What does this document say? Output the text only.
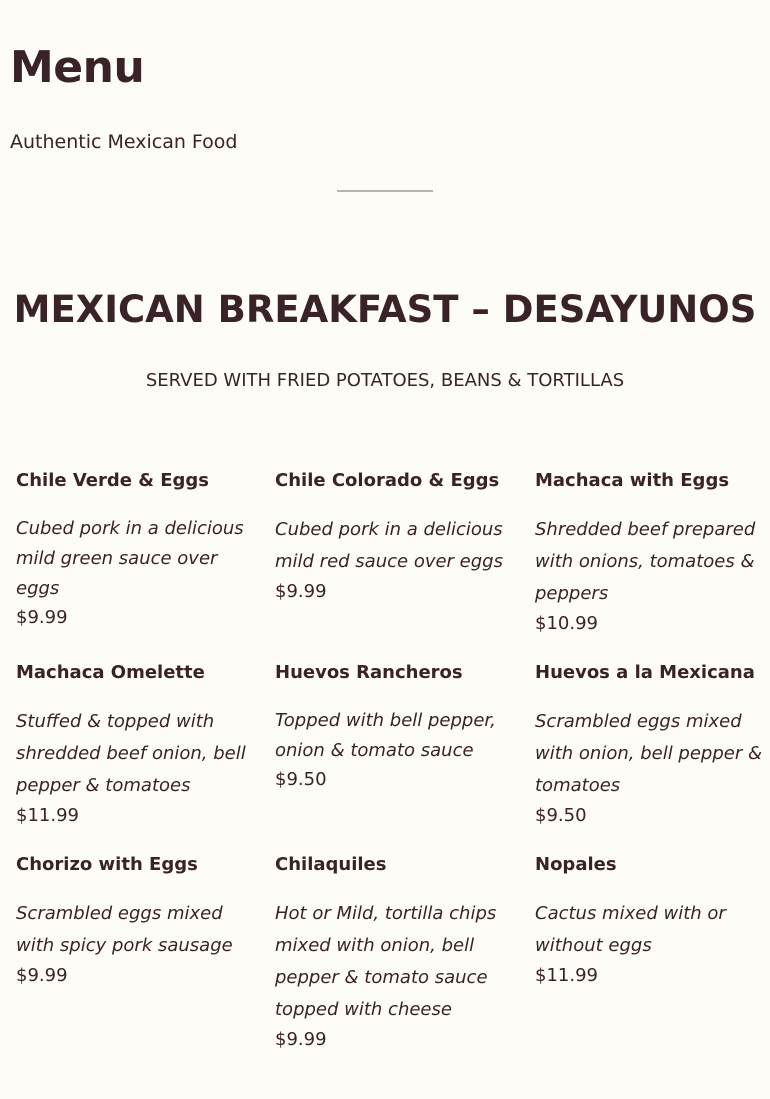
Menu

Authentic Mexican Food

MEXICAN BREAKFAST – DESAYUNOS

SERVED WITH FRIED POTATOES, BEANS & TORTILLAS

Chile Verde & Eggs
Cubed pork in a delicious mild green sauce over eggs
$9.99
Chile Colorado & Eggs
Cubed pork in a delicious mild red sauce over eggs
$9.99
Machaca with Eggs
Shredded beef prepared with onions, tomatoes & peppers
$10.99
Machaca Omelette
Stuffed & topped with shredded beef onion, bell pepper & tomatoes
$11.99
Huevos Rancheros
Topped with bell pepper, onion & tomato sauce
$9.50
Huevos a la Mexicana
Scrambled eggs mixed with onion, bell pepper & tomatoes
$9.50
Chorizo with Eggs
Scrambled eggs mixed with spicy pork sausage
$9.99
Chilaquiles
Hot or Mild, tortilla chips mixed with onion, bell pepper & tomato sauce topped with cheese
$9.99
Nopales
Cactus mixed with or without eggs
$11.99
